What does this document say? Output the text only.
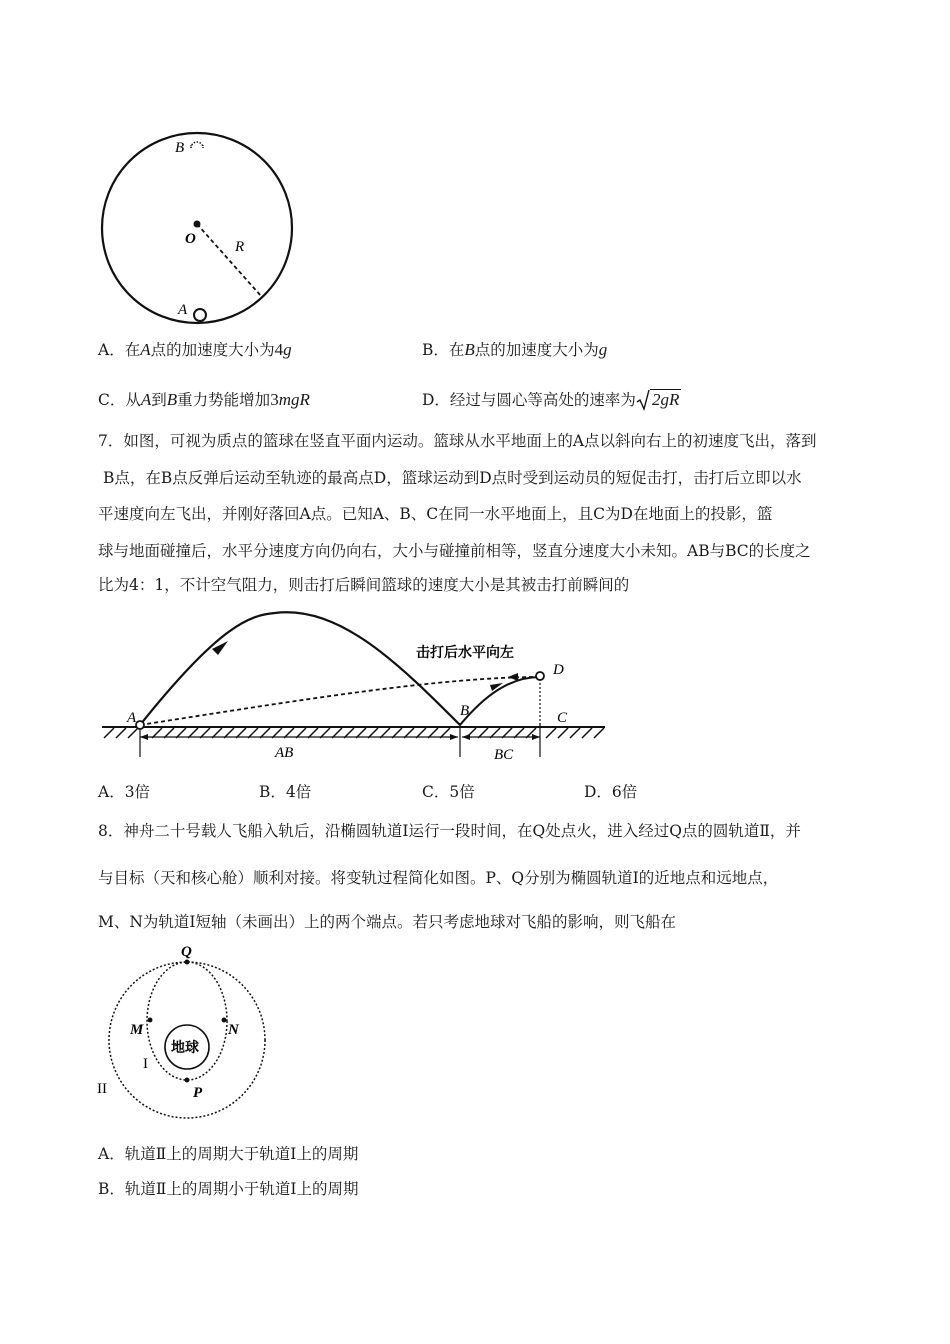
B
O	R
A
A．在A点的加速度大小为4g	B．在B点的加速度大小为g
C．从A到B重力势能增加3mgR	D．经过与圆心等高处的速率为 2gR
7．如图，可视为质点的篮球在竖直平面内运动。篮球从水平地面上的A点以斜向右上的初速度飞出，落到
B点，在B点反弹后运动至轨迹的最高点D，篮球运动到D点时受到运动员的短促击打，击打后立即以水
平速度向左飞出，并刚好落回A点。已知A、B、C在同一水平地面上，且C为D在地面上的投影，篮
球与地面碰撞后，水平分速度方向仍向右，大小与碰撞前相等，竖直分速度大小未知。AB与BC的长度之
比为4：1，不计空气阻力，则击打后瞬间篮球的速度大小是其被击打前瞬间的
击打后水平向左
A	B	C
D
AB	BC
A．3倍	B．4倍	C．5倍	D．6倍
8．神舟二十号载人飞船入轨后，沿椭圆轨道Ⅰ运行一段时间，在Q处点火，进入经过Q点的圆轨道Ⅱ，并
与目标（天和核心舱）顺利对接。将变轨过程简化如图。P、Q分别为椭圆轨道Ⅰ的近地点和远地点，
M、N为轨道Ⅰ短轴（未画出）上的两个端点。若只考虑地球对飞船的影响，则飞船在
Q
M	N
地球
I
II	P
A．轨道Ⅱ上的周期大于轨道Ⅰ上的周期
B．轨道Ⅱ上的周期小于轨道Ⅰ上的周期
